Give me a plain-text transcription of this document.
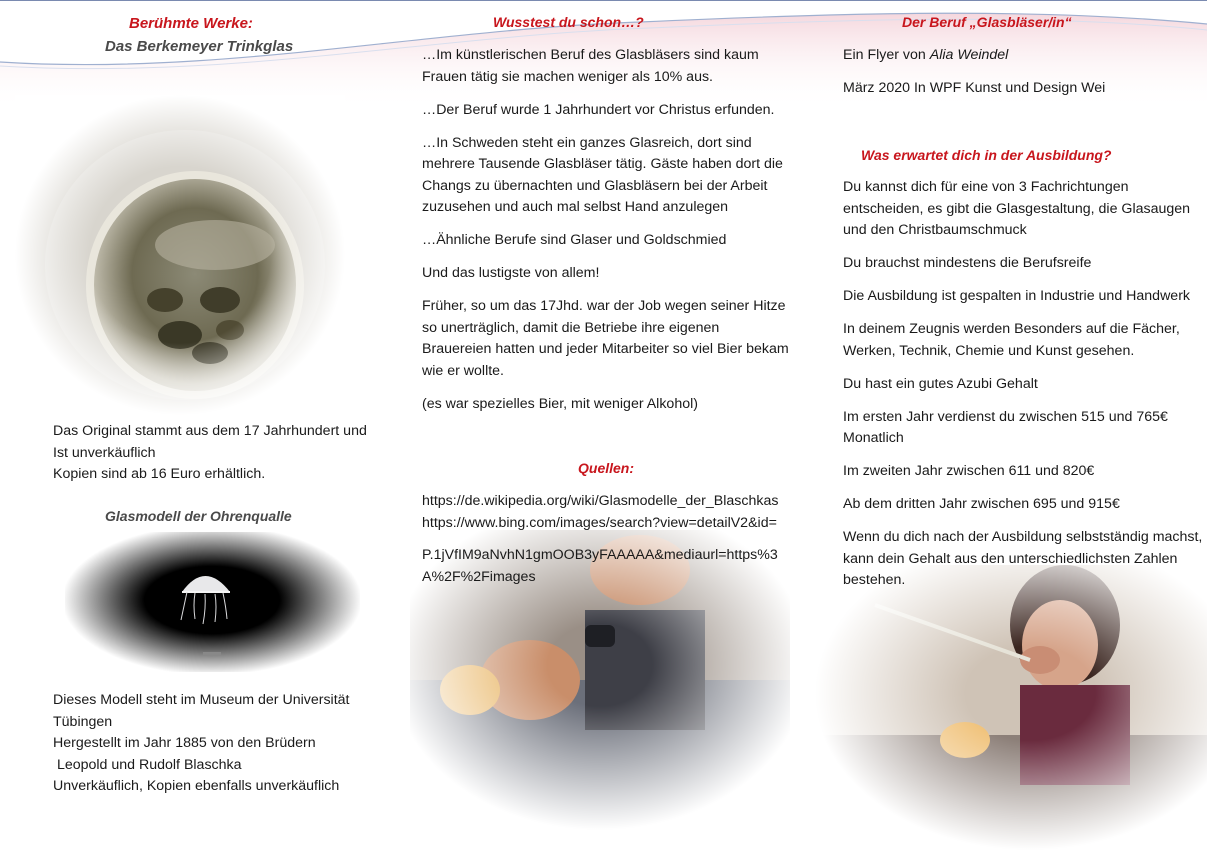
Berühmte Werke:
Das Berkemeyer Trinkglas
Das Original stammt aus dem 17 Jahrhundert und
Ist unverkäuflich
Kopien sind ab 16 Euro erhältlich.
Glasmodell der Ohrenqualle
Dieses Modell steht im Museum der Universität
Tübingen
Hergestellt im Jahr 1885 von den Brüdern
Leopold und Rudolf Blaschka
Unverkäuflich, Kopien ebenfalls unverkäuflich
Wusstest du schon…?

…Im künstlerischen Beruf des Glasbläsers sind kaum Frauen tätig sie machen weniger als 10% aus.

…Der Beruf wurde 1 Jahrhundert vor Christus erfunden.

…In Schweden steht ein ganzes Glasreich, dort sind mehrere Tausende Glasbläser tätig. Gäste haben dort die Changs zu übernachten und Glasbläsern bei der Arbeit zuzusehen und auch mal selbst Hand anzulegen

…Ähnliche Berufe sind Glaser und Goldschmied

Und das lustigste von allem!

Früher, so um das 17Jhd. war der Job wegen seiner Hitze so unerträglich, damit die Betriebe ihre eigenen Brauereien hatten und jeder Mitarbeiter so viel Bier bekam wie er wollte.

(es war spezielles Bier, mit weniger Alkohol)

Quellen:
https://de.wikipedia.org/wiki/Glasmodelle_der_Blaschkas
https://www.bing.com/images/search?view=detailV2&id=
P.1jVfIM9aNvhN1gmOOB3yFAAAAA&mediaurl=https%3A%2F%2Fimages
Der Beruf „Glasbläser/in“

Ein Flyer von Alia Weindel

März 2020 In WPF Kunst und Design Wei

Was erwartet dich in der Ausbildung?

Du kannst dich für eine von 3 Fachrichtungen entscheiden, es gibt die Glasgestaltung, die Glasaugen und den Christbaumschmuck

Du brauchst mindestens die Berufsreife

Die Ausbildung ist gespalten in Industrie und Handwerk

In deinem Zeugnis werden Besonders auf die Fächer, Werken, Technik, Chemie und Kunst gesehen.

Du hast ein gutes Azubi Gehalt

Im ersten Jahr verdienst du zwischen 515 und 765€ Monatlich

Im zweiten Jahr zwischen 611 und 820€

Ab dem dritten Jahr zwischen 695 und 915€

Wenn du dich nach der Ausbildung selbstständig machst, kann dein Gehalt aus den unterschiedlichsten Zahlen bestehen.
